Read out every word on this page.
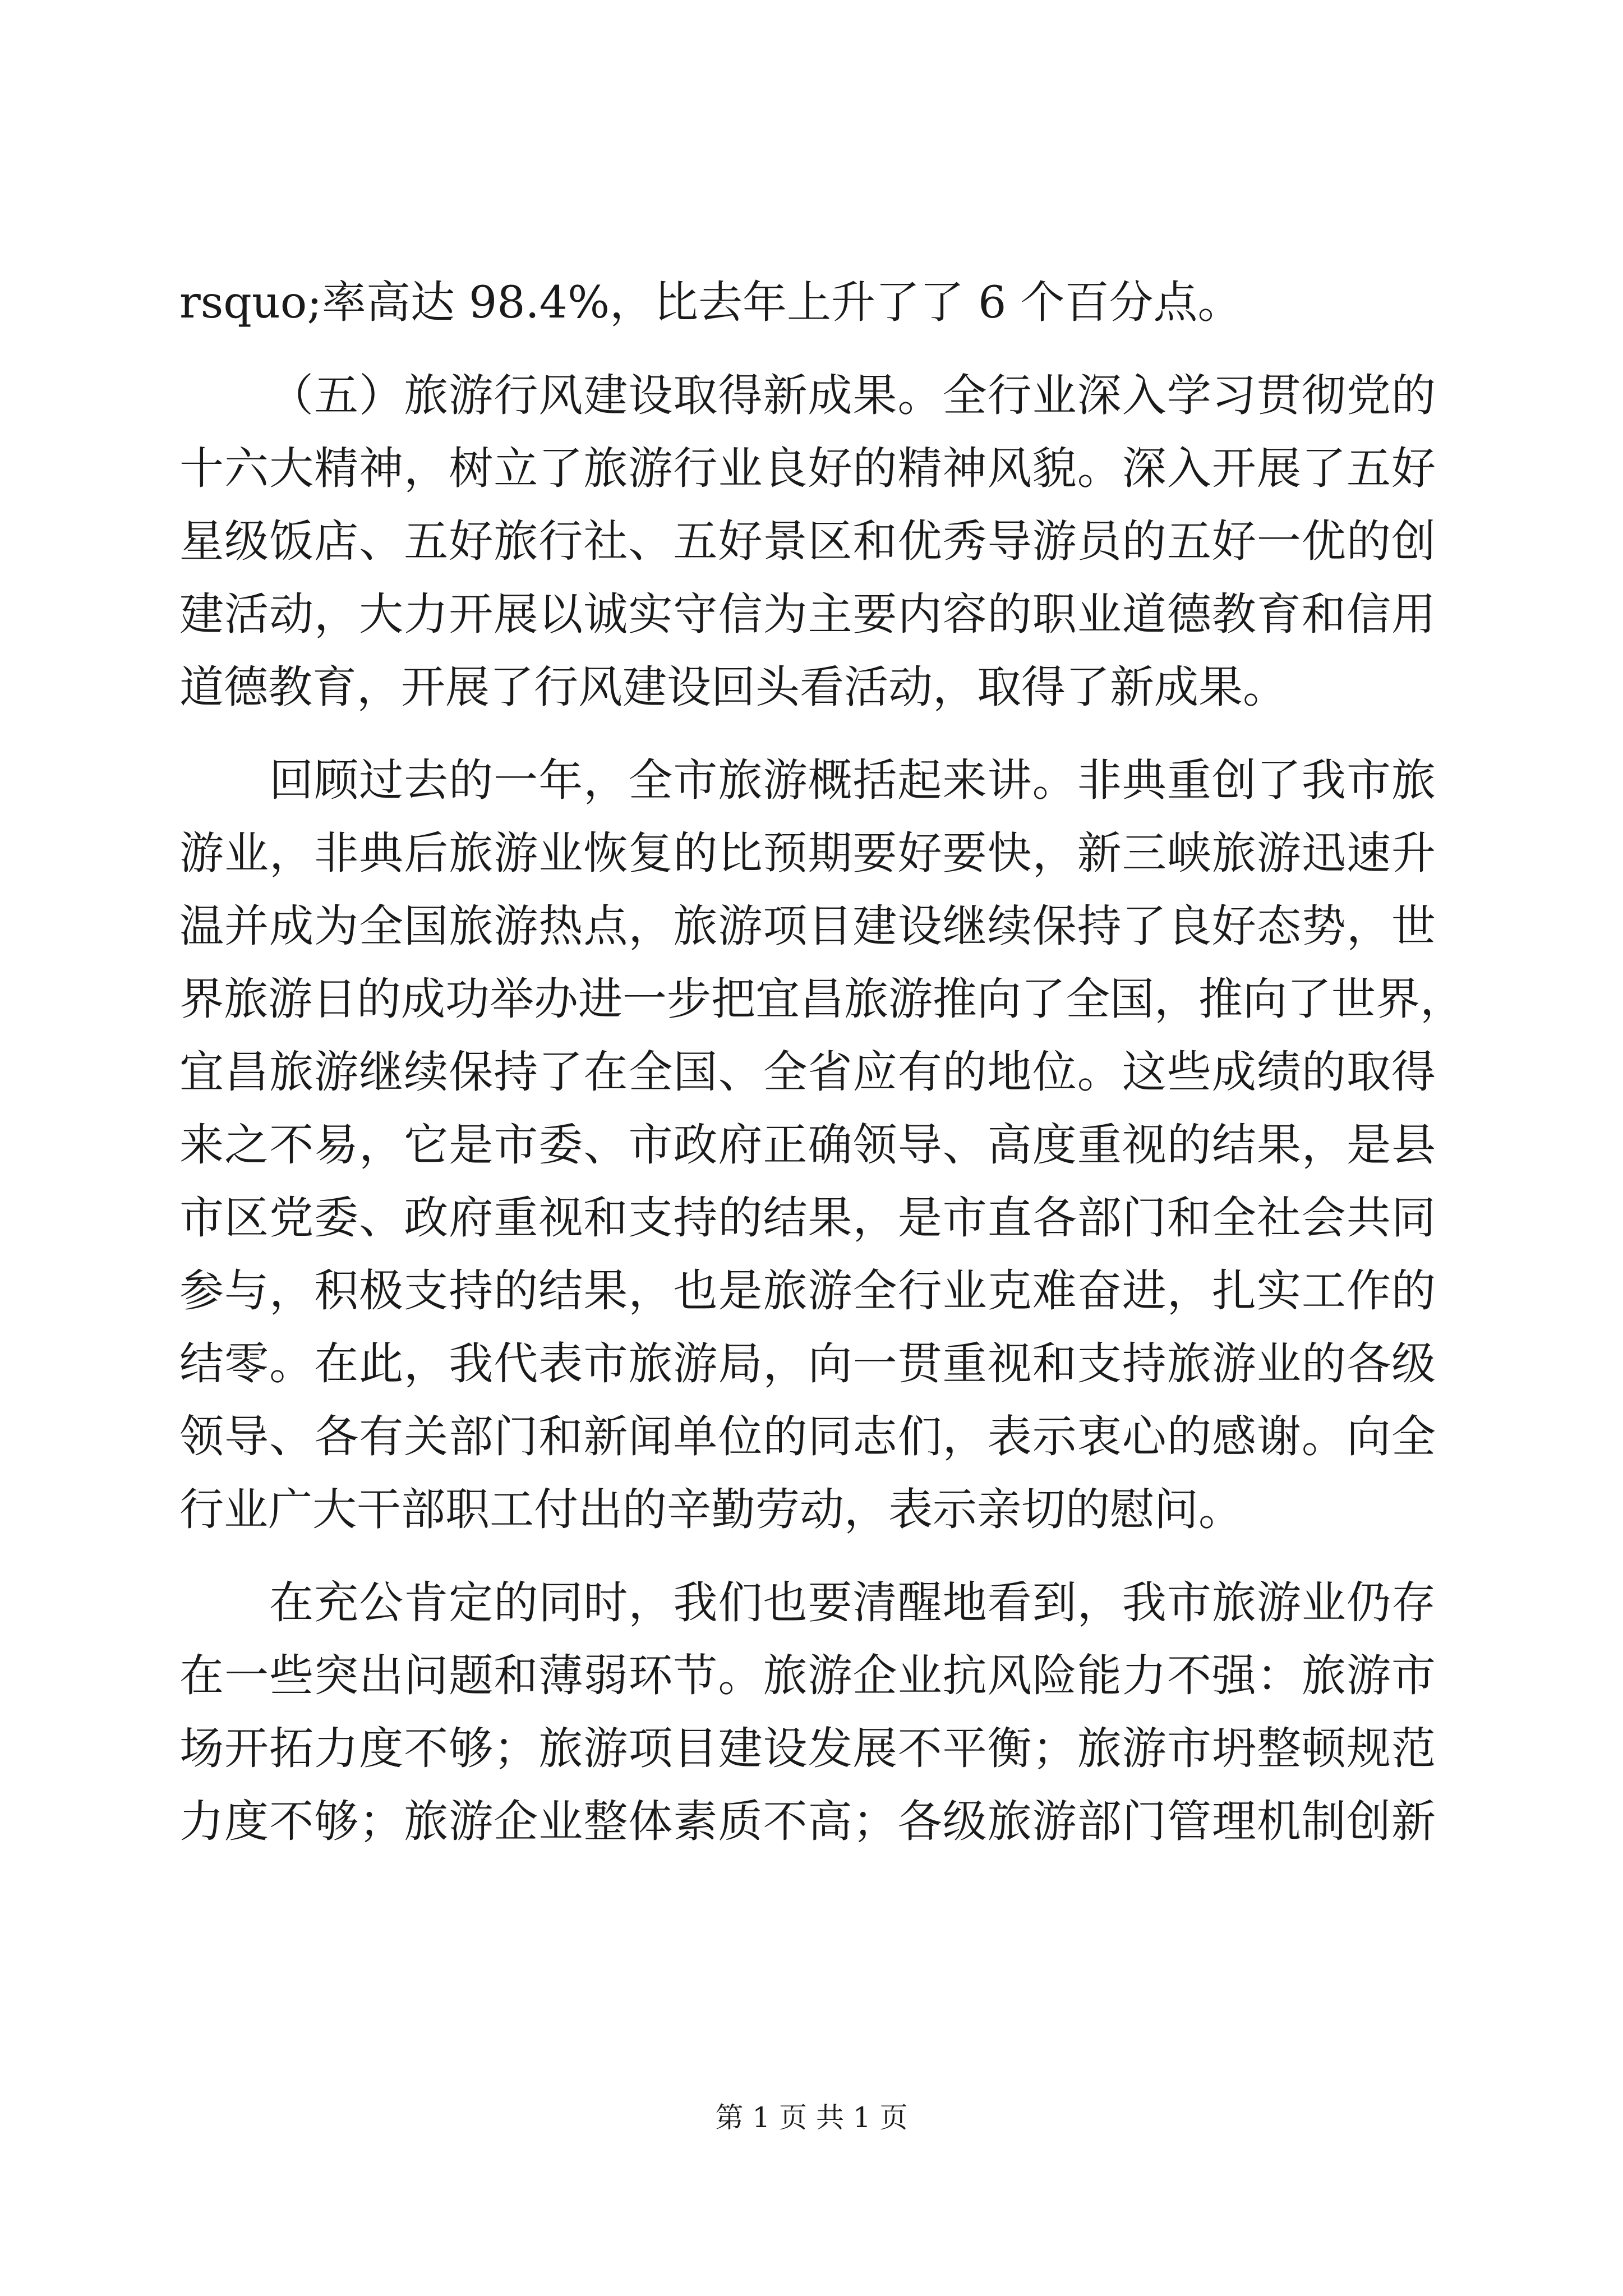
rsquo;率高达 98.4%，比去年上升了了 6 个百分点。
（五）旅游行风建设取得新成果。全行业深入学习贯彻党的
十六大精神，树立了旅游行业良好的精神风貌。深入开展了五好
星级饭店、五好旅行社、五好景区和优秀导游员的五好一优的创
建活动，大力开展以诚实守信为主要内容的职业道德教育和信用
道德教育，开展了行风建设回头看活动，取得了新成果。
回顾过去的一年，全市旅游概括起来讲。非典重创了我市旅
游业，非典后旅游业恢复的比预期要好要快，新三峡旅游迅速升
温并成为全国旅游热点，旅游项目建设继续保持了良好态势，世
界旅游日的成功举办进一步把宜昌旅游推向了全国，推向了世界，
宜昌旅游继续保持了在全国、全省应有的地位。这些成绩的取得
来之不易，它是市委、市政府正确领导、高度重视的结果，是县
市区党委、政府重视和支持的结果，是市直各部门和全社会共同
参与，积极支持的结果，也是旅游全行业克难奋进，扎实工作的
结零。在此，我代表市旅游局，向一贯重视和支持旅游业的各级
领导、各有关部门和新闻单位的同志们，表示衷心的感谢。向全
行业广大干部职工付出的辛勤劳动，表示亲切的慰问。
在充公肯定的同时，我们也要清醒地看到，我市旅游业仍存
在一些突出问题和薄弱环节。旅游企业抗风险能力不强：旅游市
场开拓力度不够；旅游项目建设发展不平衡；旅游市坍整顿规范
力度不够；旅游企业整体素质不高；各级旅游部门管理机制创新
第 1 页 共 1 页
